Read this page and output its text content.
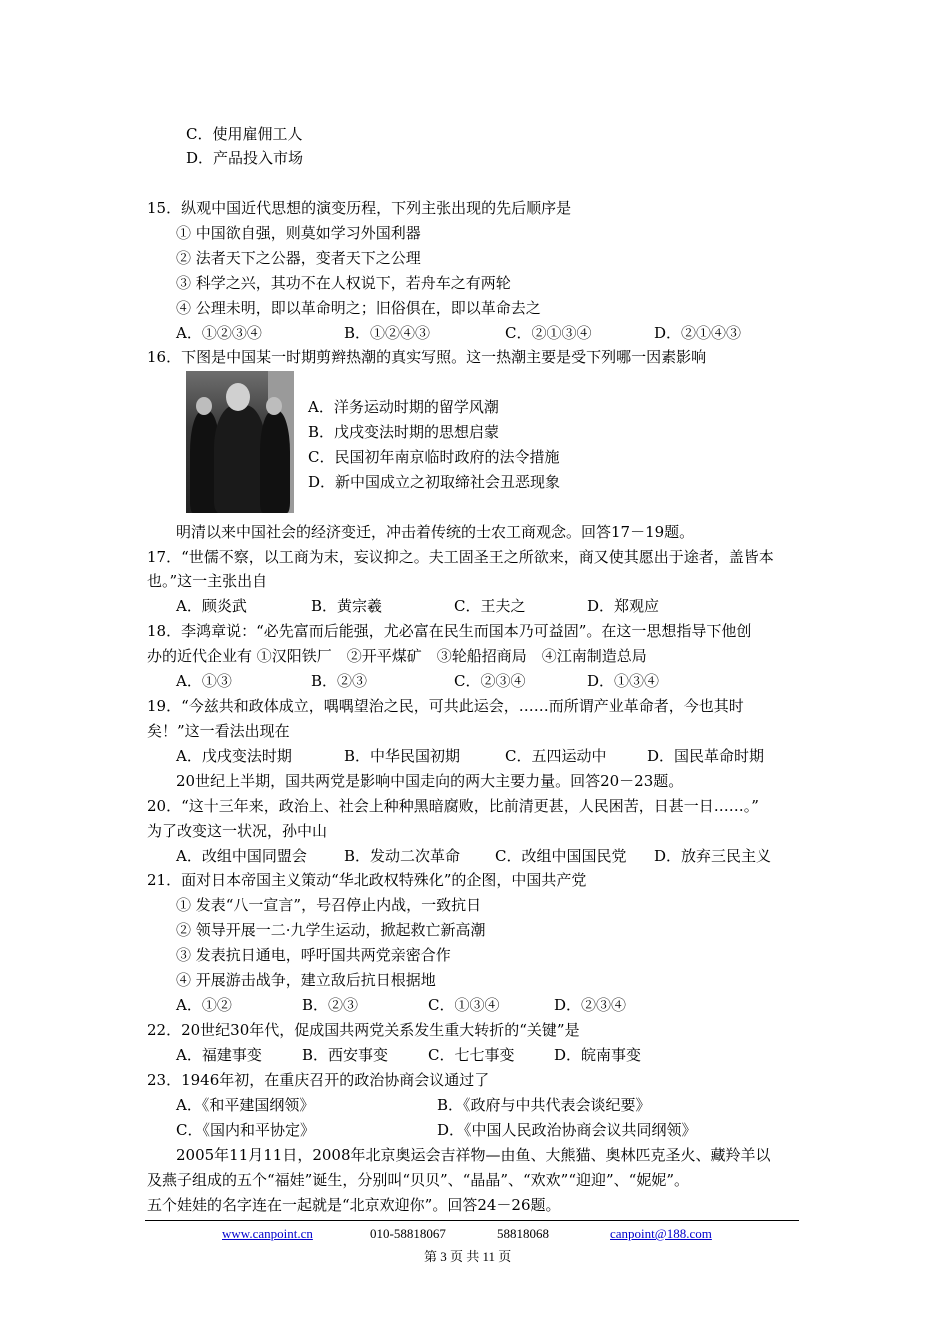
C．使用雇佣工人
D．产品投入市场
15．纵观中国近代思想的演变历程，下列主张出现的先后顺序是
① 中国欲自强，则莫如学习外国利器
② 法者天下之公器，变者天下之公理
③ 科学之兴，其功不在人权说下，若舟车之有两轮
④ 公理未明，即以革命明之；旧俗俱在，即以革命去之
16．下图是中国某一时期剪辫热潮的真实写照。这一热潮主要是受下列哪一因素影响
A．洋务运动时期的留学风潮
B．戊戌变法时期的思想启蒙
C．民国初年南京临时政府的法令措施
D．新中国成立之初取缔社会丑恶现象
明清以来中国社会的经济变迁，冲击着传统的士农工商观念。回答17－19题。
17．“世儒不察，以工商为末，妄议抑之。夫工固圣王之所欲来，商又使其愿出于途者，盖皆本
也。”这一主张出自
18．李鸿章说：“必先富而后能强，尤必富在民生而国本乃可益固”。在这一思想指导下他创
办的近代企业有 ①汉阳铁厂　②开平煤矿　③轮船招商局　④江南制造总局
19．“今兹共和政体成立，喁喁望治之民，可共此运会，……而所谓产业革命者，今也其时
矣！”这一看法出现在
20世纪上半期，国共两党是影响中国走向的两大主要力量。回答20－23题。
20．“这十三年来，政治上、社会上种种黑暗腐败，比前清更甚，人民困苦，日甚一日……。”
为了改变这一状况，孙中山
21．面对日本帝国主义策动“华北政权特殊化”的企图，中国共产党
① 发表“八一宣言”，号召停止内战，一致抗日
② 领导开展一二·九学生运动，掀起救亡新高潮
③ 发表抗日通电，呼吁国共两党亲密合作
④ 开展游击战争，建立敌后抗日根据地
22．20世纪30年代，促成国共两党关系发生重大转折的“关键”是
23．1946年初，在重庆召开的政治协商会议通过了
2005年11月11日，2008年北京奥运会吉祥物—由鱼、大熊猫、奥林匹克圣火、藏羚羊以
及燕子组成的五个“福娃”诞生，分别叫“贝贝”、“晶晶”、“欢欢”“迎迎”、“妮妮”。
五个娃娃的名字连在一起就是“北京欢迎你”。回答24－26题。
A．①②③④	B．①②④③	C．②①③④	D．②①④③
A．顾炎武	B．黄宗羲	C．王夫之	D．郑观应
A．①③	B．②③	C．②③④	D．①③④
A．戊戌变法时期	B．中华民国初期	C．五四运动中	D．国民革命时期
A．改组中国同盟会 B．发动二次革命 C．改组中国国民党 D．放弃三民主义
A．①②	B．②③	C．①③④	D．②③④
A．福建事变	B．西安事变	C．七七事变	D．皖南事变
A．《和平建国纲领》	B．《政府与中共代表会谈纪要》
C．《国内和平协定》	D．《中国人民政治协商会议共同纲领》
www.canpoint.cn	010-58818067	58818068	canpoint@188.com
第 3 页 共 11 页
